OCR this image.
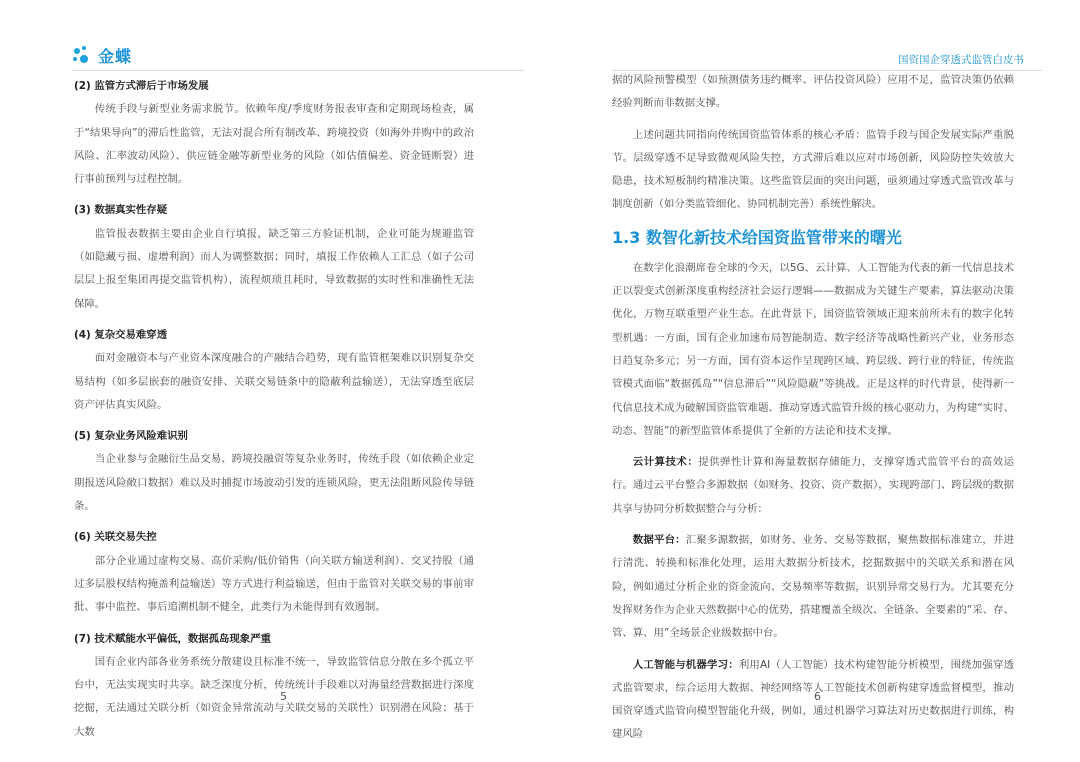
金蝶

(2) 监管方式滞后于市场发展

传统手段与新型业务需求脱节。依赖年度/季度财务报表审查和定期现场检查，属于“结果导向”的滞后性监管，无法对混合所有制改革、跨境投资（如海外并购中的政治风险、汇率波动风险）、供应链金融等新型业务的风险（如估值偏差、资金链断裂）进行事前预判与过程控制。

(3) 数据真实性存疑

监管报表数据主要由企业自行填报，缺乏第三方验证机制，企业可能为规避监管（如隐藏亏损、虚增利润）而人为调整数据；同时，填报工作依赖人工汇总（如子公司层层上报至集团再提交监管机构），流程烦琐且耗时，导致数据的实时性和准确性无法保障。

(4) 复杂交易难穿透

面对金融资本与产业资本深度融合的产融结合趋势，现有监管框架难以识别复杂交易结构（如多层嵌套的融资安排、关联交易链条中的隐蔽利益输送），无法穿透至底层资产评估真实风险。

(5) 复杂业务风险难识别

当企业参与金融衍生品交易、跨境投融资等复杂业务时，传统手段（如依赖企业定期报送风险敞口数据）难以及时捕捉市场波动引发的连锁风险，更无法阻断风险传导链条。

(6) 关联交易失控

部分企业通过虚构交易、高价采购/低价销售（向关联方输送利润）、交叉持股（通过多层股权结构掩盖利益输送）等方式进行利益输送，但由于监管对关联交易的事前审批、事中监控、事后追溯机制不健全，此类行为未能得到有效遏制。

(7) 技术赋能水平偏低，数据孤岛现象严重

国有企业内部各业务系统分散建设且标准不统一，导致监管信息分散在多个孤立平台中，无法实现实时共享。缺乏深度分析，传统统计手段难以对海量经营数据进行深度挖掘，无法通过关联分析（如资金异常流动与关联交易的关联性）识别潜在风险；基于大数

5
国资国企穿透式监管白皮书

据的风险预警模型（如预测债务违约概率、评估投资风险）应用不足，监管决策仍依赖经验判断而非数据支撑。

上述问题共同指向传统国资监管体系的核心矛盾：监管手段与国企发展实际严重脱节。层级穿透不足导致微观风险失控，方式滞后难以应对市场创新，风险防控失效放大隐患，技术短板制约精准决策。这些监管层面的突出问题，亟须通过穿透式监管改革与制度创新（如分类监管细化、协同机制完善）系统性解决。

1.3 数智化新技术给国资监管带来的曙光

在数字化浪潮席卷全球的今天，以5G、云计算、人工智能为代表的新一代信息技术正以裂变式创新深度重构经济社会运行逻辑——数据成为关键生产要素，算法驱动决策优化，万物互联重塑产业生态。在此背景下，国资监管领域正迎来前所未有的数字化转型机遇：一方面，国有企业加速布局智能制造、数字经济等战略性新兴产业，业务形态日趋复杂多元；另一方面，国有资本运作呈现跨区域、跨层级、跨行业的特征，传统监管模式面临“数据孤岛”“信息滞后”“风险隐蔽”等挑战。正是这样的时代背景，使得新一代信息技术成为破解国资监管难题、推动穿透式监管升级的核心驱动力，为构建“实时、动态、智能”的新型监管体系提供了全新的方法论和技术支撑。

云计算技术：提供弹性计算和海量数据存储能力，支撑穿透式监管平台的高效运行。通过云平台整合多源数据（如财务、投资、资产数据），实现跨部门、跨层级的数据共享与协同分析数据整合与分析：

数据平台：汇聚多源数据，如财务、业务、交易等数据，聚焦数据标准建立，并进行清洗、转换和标准化处理，运用大数据分析技术，挖掘数据中的关联关系和潜在风险，例如通过分析企业的资金流向、交易频率等数据，识别异常交易行为。尤其要充分发挥财务作为企业天然数据中心的优势，搭建覆盖全级次、全链条、全要素的“采、存、管、算、用”全场景企业级数据中台。

人工智能与机器学习：利用AI（人工智能）技术构建智能分析模型，围绕加强穿透式监管要求，综合运用大数据、神经网络等人工智能技术创新构建穿透监督模型，推动国资穿透式监管向模型智能化升级，例如，通过机器学习算法对历史数据进行训练，构建风险

6
